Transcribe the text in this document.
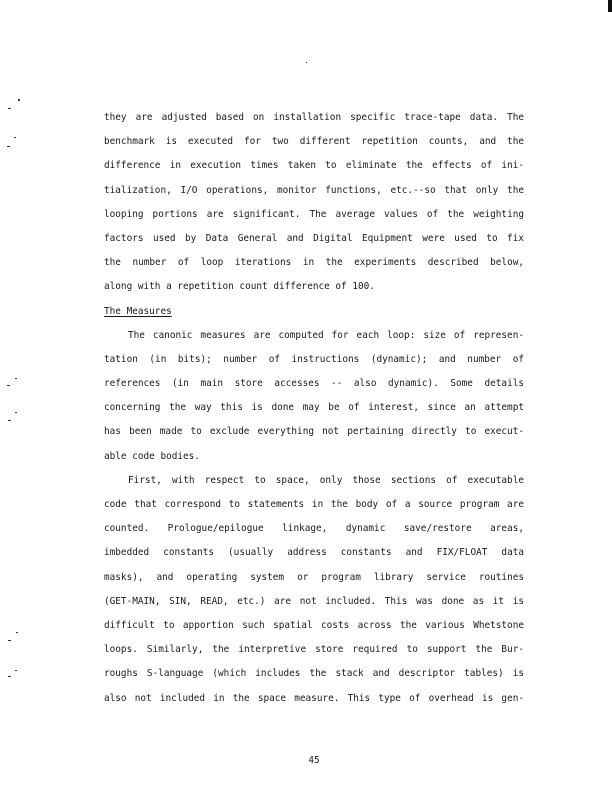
they are adjusted based on installation specific trace-tape data. The
benchmark is executed for two different repetition counts, and the
difference in execution times taken to eliminate the effects of ini-
tialization, I/O operations, monitor functions, etc.--so that only the
looping portions are significant. The average values of the weighting
factors used by Data General and Digital Equipment were used to fix
the number of loop iterations in the experiments described below,
along with a repetition count difference of 100.
The Measures
The canonic measures are computed for each loop: size of represen-
tation (in bits); number of instructions (dynamic); and number of
references (in main store accesses -- also dynamic). Some details
concerning the way this is done may be of interest, since an attempt
has been made to exclude everything not pertaining directly to execut-
able code bodies.
First, with respect to space, only those sections of executable
code that correspond to statements in the body of a source program are
counted. Prologue/epilogue linkage, dynamic save/restore areas,
imbedded constants (usually address constants and FIX/FLOAT data
masks), and operating system or program library service routines
(GET-MAIN, SIN, READ, etc.) are not included. This was done as it is
difficult to apportion such spatial costs across the various Whetstone
loops. Similarly, the interpretive store required to support the Bur-
roughs S-language (which includes the stack and descriptor tables) is
also not included in the space measure. This type of overhead is gen-
45
